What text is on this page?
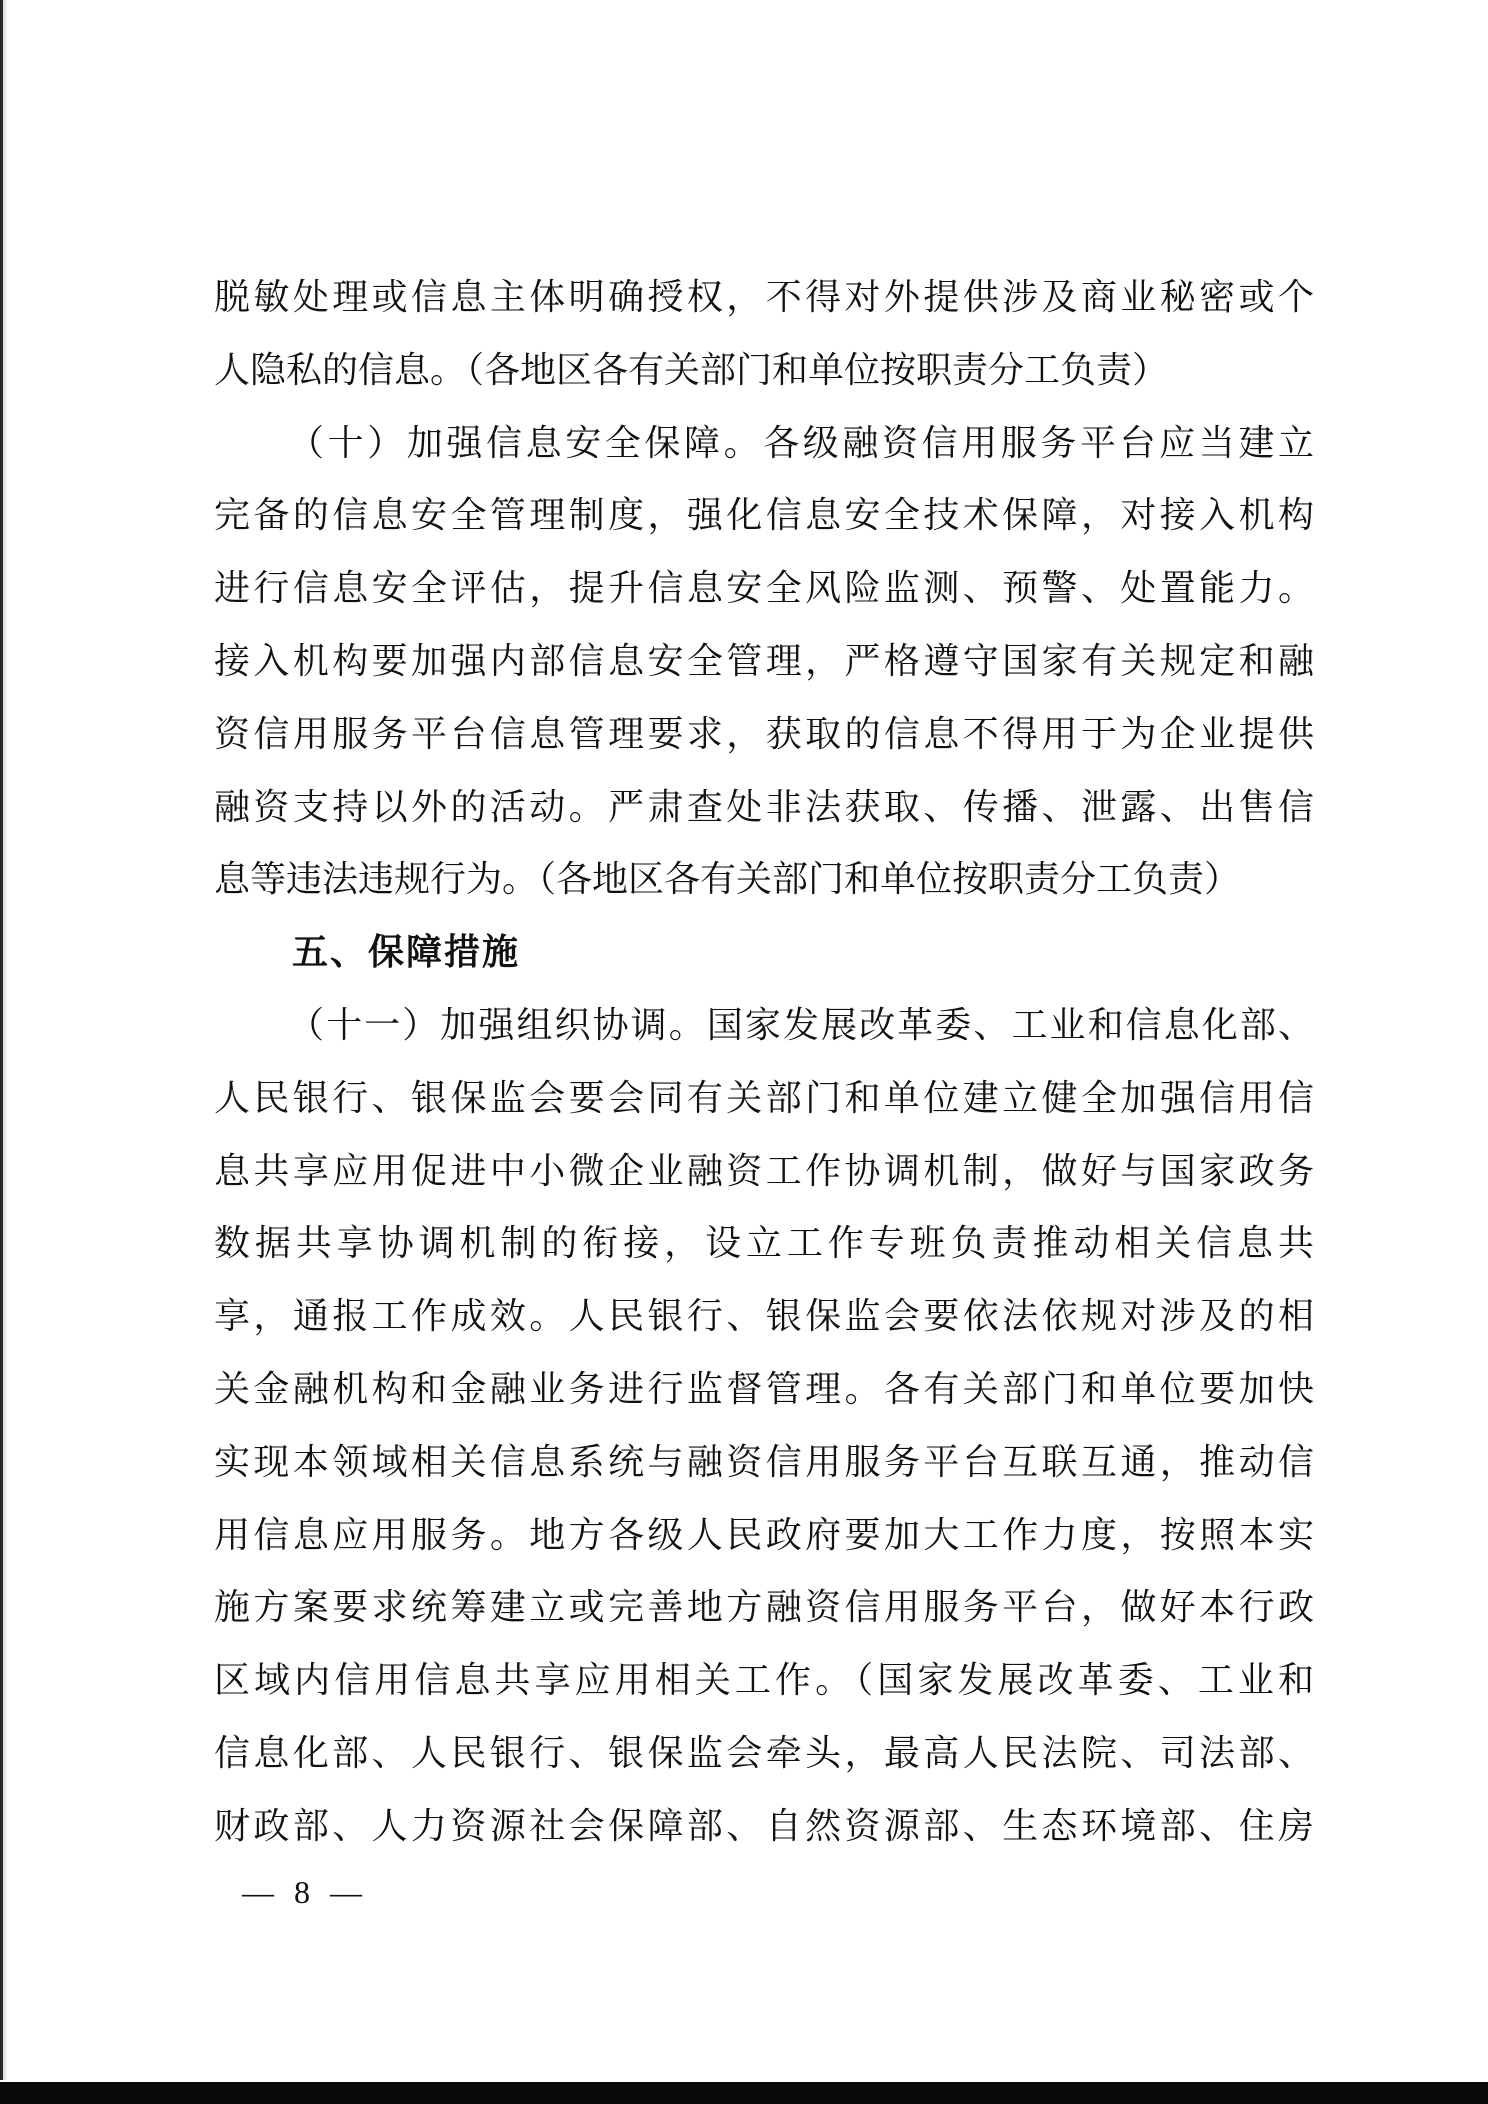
脱敏处理或信息主体明确授权，不得对外提供涉及商业秘密或个
人隐私的信息。（各地区各有关部门和单位按职责分工负责）
（十）加强信息安全保障。各级融资信用服务平台应当建立
完备的信息安全管理制度，强化信息安全技术保障，对接入机构
进行信息安全评估，提升信息安全风险监测、预警、处置能力。
接入机构要加强内部信息安全管理，严格遵守国家有关规定和融
资信用服务平台信息管理要求，获取的信息不得用于为企业提供
融资支持以外的活动。严肃查处非法获取、传播、泄露、出售信
息等违法违规行为。（各地区各有关部门和单位按职责分工负责）
五、保障措施
（十一）加强组织协调。国家发展改革委、工业和信息化部、
人民银行、银保监会要会同有关部门和单位建立健全加强信用信
息共享应用促进中小微企业融资工作协调机制，做好与国家政务
数据共享协调机制的衔接，设立工作专班负责推动相关信息共
享，通报工作成效。人民银行、银保监会要依法依规对涉及的相
关金融机构和金融业务进行监督管理。各有关部门和单位要加快
实现本领域相关信息系统与融资信用服务平台互联互通，推动信
用信息应用服务。地方各级人民政府要加大工作力度，按照本实
施方案要求统筹建立或完善地方融资信用服务平台，做好本行政
区域内信用信息共享应用相关工作。（国家发展改革委、工业和
信息化部、人民银行、银保监会牵头，最高人民法院、司法部、
财政部、人力资源社会保障部、自然资源部、生态环境部、住房
— 8 —
